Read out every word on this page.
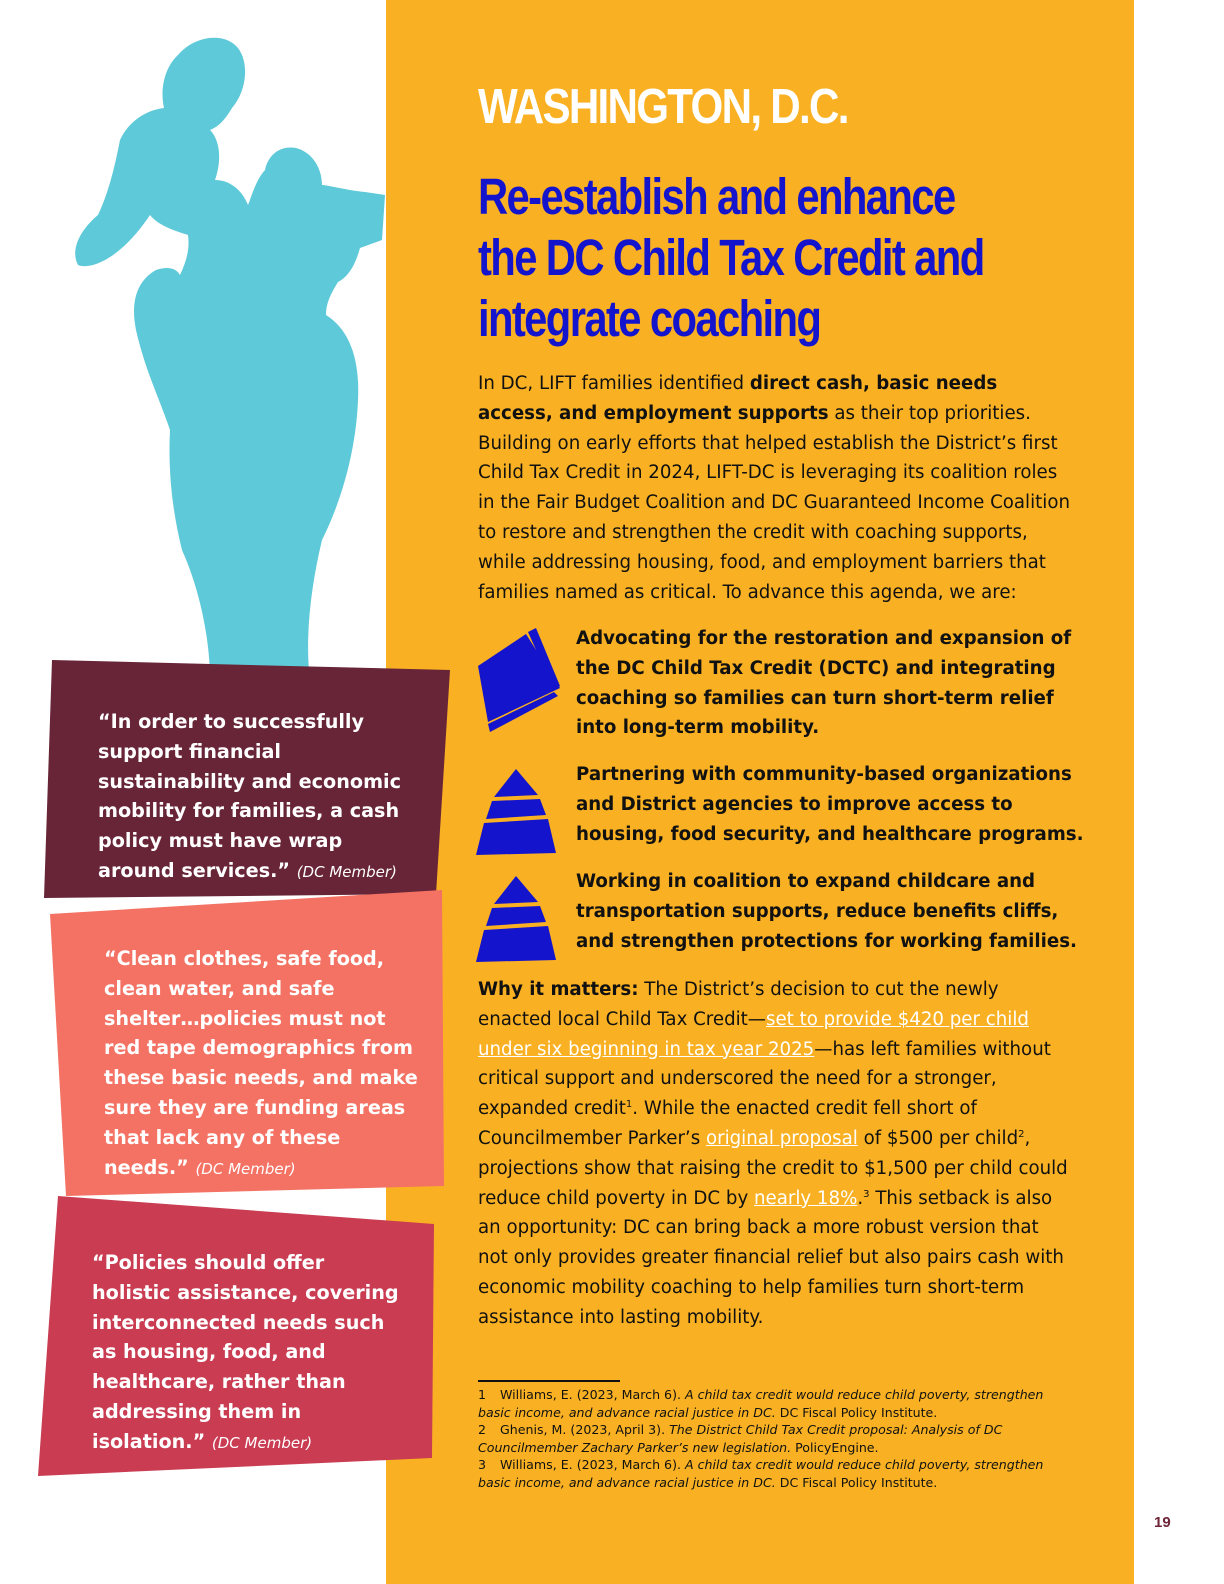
WASHINGTON, D.C.
Re-establish and enhance
the DC Child Tax Credit and
integrate coaching
In DC, LIFT families identified direct cash, basic needs access, and employment supports as their top priorities. Building on early efforts that helped establish the District’s first Child Tax Credit in 2024, LIFT-DC is leveraging its coalition roles in the Fair Budget Coalition and DC Guaranteed Income Coalition to restore and strengthen the credit with coaching supports, while addressing housing, food, and employment barriers that families named as critical. To advance this agenda, we are:
Advocating for the restoration and expansion of the DC Child Tax Credit (DCTC) and integrating coaching so families can turn short-term relief into long-term mobility.
Partnering with community-based organizations and District agencies to improve access to housing, food security, and healthcare programs.
Working in coalition to expand childcare and transportation supports, reduce benefits cliffs, and strengthen protections for working families.
Why it matters: The District’s decision to cut the newly enacted local Child Tax Credit—set to provide $420 per child under six beginning in tax year 2025—has left families without critical support and underscored the need for a stronger, expanded credit$^1$. While the enacted credit fell short of Councilmember Parker’s original proposal of $500 per child$^2$, projections show that raising the credit to $1,500 per child could reduce child poverty in DC by nearly 18%.$^3$ This setback is also an opportunity: DC can bring back a more robust version that not only provides greater financial relief but also pairs cash with economic mobility coaching to help families turn short-term assistance into lasting mobility.
“In order to successfully support financial sustainability and economic mobility for families, a cash policy must have wrap around services.” (DC Member)
“Clean clothes, safe food, clean water, and safe shelter…policies must not red tape demographics from these basic needs, and make sure they are funding areas that lack any of these needs.” (DC Member)
“Policies should offer holistic assistance, covering interconnected needs such as housing, food, and healthcare, rather than addressing them in isolation.” (DC Member)
1 Williams, E. (2023, March 6). A child tax credit would reduce child poverty, strengthen basic income, and advance racial justice in DC. DC Fiscal Policy Institute.
2 Ghenis, M. (2023, April 3). The District Child Tax Credit proposal: Analysis of DC Councilmember Zachary Parker’s new legislation. PolicyEngine.
3 Williams, E. (2023, March 6). A child tax credit would reduce child poverty, strengthen basic income, and advance racial justice in DC. DC Fiscal Policy Institute.
19
